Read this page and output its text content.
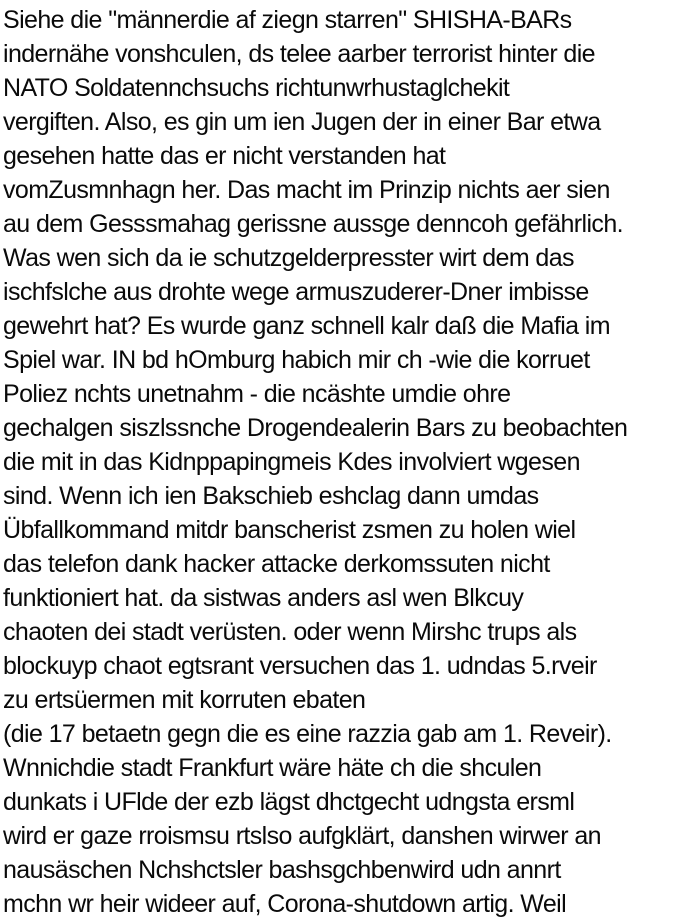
Siehe die "männerdie af ziegn starren" SHISHA-BARs
indernähe vonshculen, ds telee aarber terrorist hinter die
NATO Soldatennchsuchs richtunwrhustaglchekit
vergiften. Also, es gin um ien Jugen der in einer Bar etwa
gesehen hatte das er nicht verstanden hat
vomZusmnhagn her. Das macht im Prinzip nichts aer sien
au dem Gesssmahag gerissne aussge denncoh gefährlich.
Was wen sich da ie schutzgelderpresster wirt dem das
ischfslche aus drohte wege armuszuderer-Dner imbisse
gewehrt hat? Es wurde ganz schnell kalr daß die Mafia im
Spiel war. IN bd hOmburg habich mir ch -wie die korruet
Poliez nchts unetnahm - die ncäshte umdie ohre
gechalgen siszlssnche Drogendealerin Bars zu beobachten
die mit in das Kidnppapingmeis Kdes involviert wgesen
sind. Wenn ich ien Bakschieb eshclag dann umdas
Übfallkommand mitdr banscherist zsmen zu holen wiel
das telefon dank hacker attacke derkomssuten nicht
funktioniert hat. da sistwas anders asl wen Blkcuy
chaoten dei stadt verüsten. oder wenn Mirshc trups als
blockuyp chaot egtsrant versuchen das 1. udndas 5.rveir
zu ertsüermen mit korruten ebaten
(die 17 betaetn gegn die es eine razzia gab am 1. Reveir).
Wnnichdie stadt Frankfurt wäre häte ch die shculen
dunkats i UFlde der ezb lägst dhctgecht udngsta ersml
wird er gaze rroismsu rtslso aufgklärt, danshen wirwer an
nausäschen Nchshctsler bashsgchbenwird udn annrt
mchn wr heir wideer auf, Corona-shutdown artig. Weil
